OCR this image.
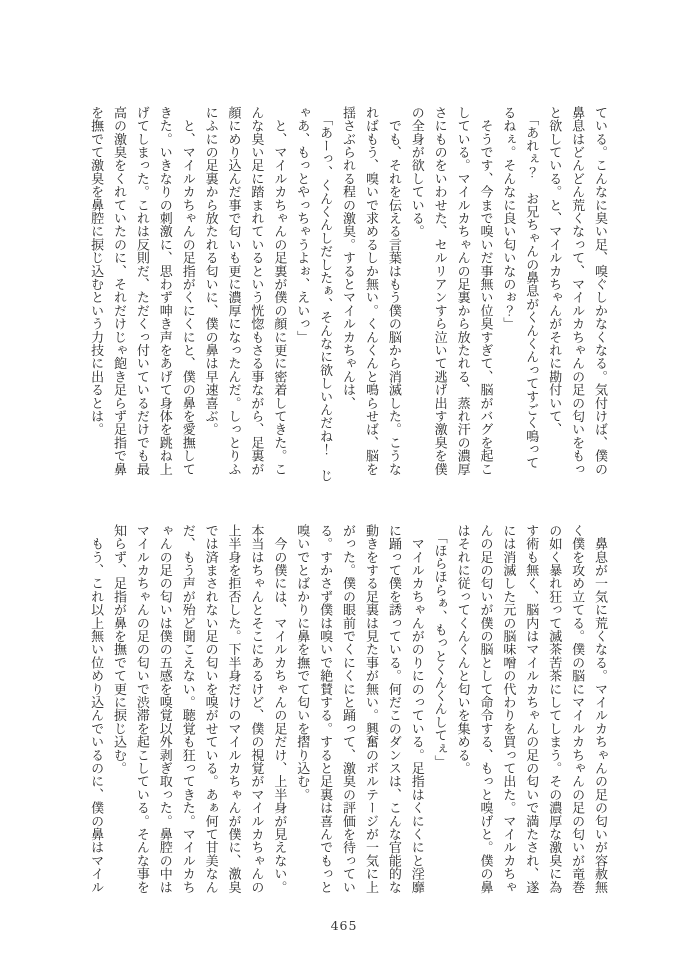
ている。こんなに臭い足、嗅ぐしかなくなる。気付けば、僕の
鼻息はどんどん荒くなって、マイルカちゃんの足の匂いをもっ
と欲している。と、マイルカちゃんがそれに勘付いて、
　「あれぇ？　お兄ちゃんの鼻息がくんくんってすごく鳴って
るねぇ。そんなに良い匂いなのぉ？」
　そうです、今まで嗅いだ事無い位臭すぎて、脳がバグを起こ
している。マイルカちゃんの足裏から放たれる、蒸れ汗の濃厚
さにものをいわせた、セルリアンすら泣いて逃げ出す激臭を僕
の全身が欲している。
　でも、それを伝える言葉はもう僕の脳から消滅した。こうな
ればもう、嗅いで求めるしか無い。くんくんと鳴らせば、脳を
揺さぶられる程の激臭。するとマイルカちゃんは、
　「あーっ、くんくんしだしたぁ、そんなに欲しいんだね！　じ
ゃあ、もっとやっちゃうよぉ、えいっ」
　と、マイルカちゃんの足裏が僕の顔に更に密着してきた。こ
んな臭い足に踏まれているという恍惚もさる事ながら、足裏が
顔にめり込んだ事で匂いも更に濃厚になったんだ。しっとりふ
にふにの足裏から放たれる匂いに、僕の鼻は早速喜ぶ。
　と、マイルカちゃんの足指がくにくにと、僕の鼻を愛撫して
きた。いきなりの刺激に、思わず呻き声をあげて身体を跳ね上
げてしまった。これは反則だ、ただくっ付いているだけでも最
高の激臭をくれていたのに、それだけじゃ飽き足らず足指で鼻
を撫でて激臭を鼻腔に捩じ込むという力技に出るとは。
　鼻息が一気に荒くなる。マイルカちゃんの足の匂いが容赦無
く僕を攻め立てる。僕の脳にマイルカちゃんの足の匂いが竜巻
の如く暴れ狂って滅茶苦茶にしてしまう。その濃厚な激臭に為
す術も無く、脳内はマイルカちゃんの足の匂いで満たされ、遂
には消滅した元の脳味噌の代わりを買って出た。マイルカちゃ
んの足の匂いが僕の脳として命令する、もっと嗅げと。僕の鼻
はそれに従ってくんくんと匂いを集める。
　「ほらほらぁ、もっとくんくんしてぇ」
　マイルカちゃんがのりにのっている。足指はくにくにと淫靡
に踊って僕を誘っている。何だこのダンスは、こんな官能的な
動きをする足裏は見た事が無い。興奮のボルテージが一気に上
がった。僕の眼前でくにくにと踊って、激臭の評価を待ってい
る。すかさず僕は嗅いで絶賛する。すると足裏は喜んでもっと
嗅いでとばかりに鼻を撫でて匂いを摺り込む。
　今の僕には、マイルカちゃんの足だけ、上半身が見えない。
本当はちゃんとそこにあるけど、僕の視覚がマイルカちゃんの
上半身を拒否した。下半身だけのマイルカちゃんが僕に、激臭
では済まされない足の匂いを嗅がせている。あぁ何て甘美なん
だ、もう声が殆ど聞こえない。聴覚も狂ってきた。マイルカち
ゃんの足の匂いは僕の五感を嗅覚以外剥ぎ取った。鼻腔の中は
マイルカちゃんの足の匂いで渋滞を起こしている。そんな事を
知らず、足指が鼻を撫でて更に捩じ込む。
　もう、これ以上無い位めり込んでいるのに、僕の鼻はマイル
465
